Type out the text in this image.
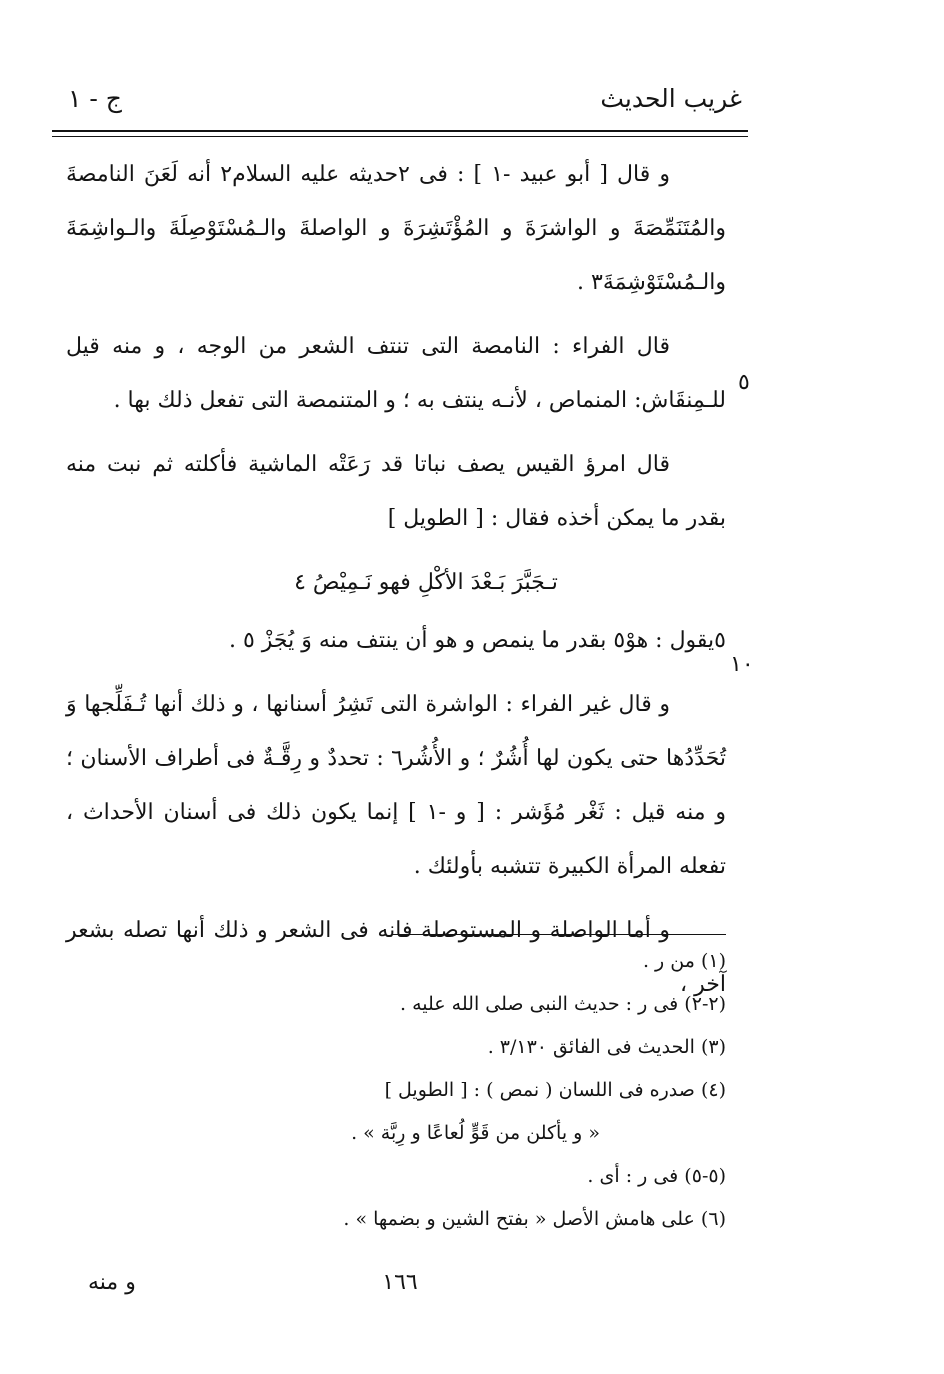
غريب الحديث
ج - ١

و قال [ أبو عبيد -١ ] : فى ٢حديثه عليه السلام٢ أنه لَعَنَ النامصةَ والمُتَنَمِّصَةَ و الواشرَةَ و المُؤْتَشِرَةَ و الواصلةَ والـمُسْتَوْصِلَةَ والـواشِمَةَ والـمُسْتَوْشِمَةَ٣ .

قال الفراء : النامصة التى تنتف الشعر من الوجه ، و منه قيل للـمِنقَاش: المنماص ، لأنـه ينتف به ؛ و المتنمصة التى تفعل ذلك بها .

قال امرؤ القيس يصف نباتا قد رَعَتْه الماشية فأكلته ثم نبت منه بقدر ما يمكن أخذه فقال : [ الطويل ]

تـجَبَّرَ بَـعْدَ الأكْلِ فهو نَـمِيْصُ ٤

٥يقول : هوْ٥ بقدر ما ينمص و هو أن ينتف منه وَ يُجَزْ ٥ .

و قال غير الفراء : الواشرة التى تَشِرُ أسنانها ، و ذلك أنها تُـفَلِّجها وَ تُحَدِّدُها حتى يكون لها أُشُرٌ ؛ و الأُشُر٦ : تحددٌ و رِقَّـةٌ فى أطراف الأسنان ؛ و منه قيل : ثَغْر مُؤَشر : [ و -١ ] إنما يكون ذلك فى أسنان الأحداث ، تفعله المرأة الكبيرة تتشبه بأولئك .

و أما الواصلة و المستوصلة فانه فى الشعر و ذلك أنها تصله بشعر آخر ،

٥
١٠

(١) من ر .

(٢-٢) فى ر : حديث النبى صلى الله عليه .

(٣) الحديث فى الفائق ٣/١٣٠ .

(٤) صدره فى اللسان ( نمص ) : [ الطويل ]

« و يأكلن من قَوٍّ لُعاعًا و رِبَّة » .

(٥-٥) فى ر : أى .

(٦) على هامش الأصل « بفتح الشين و بضمها » .

١٦٦
و منه
